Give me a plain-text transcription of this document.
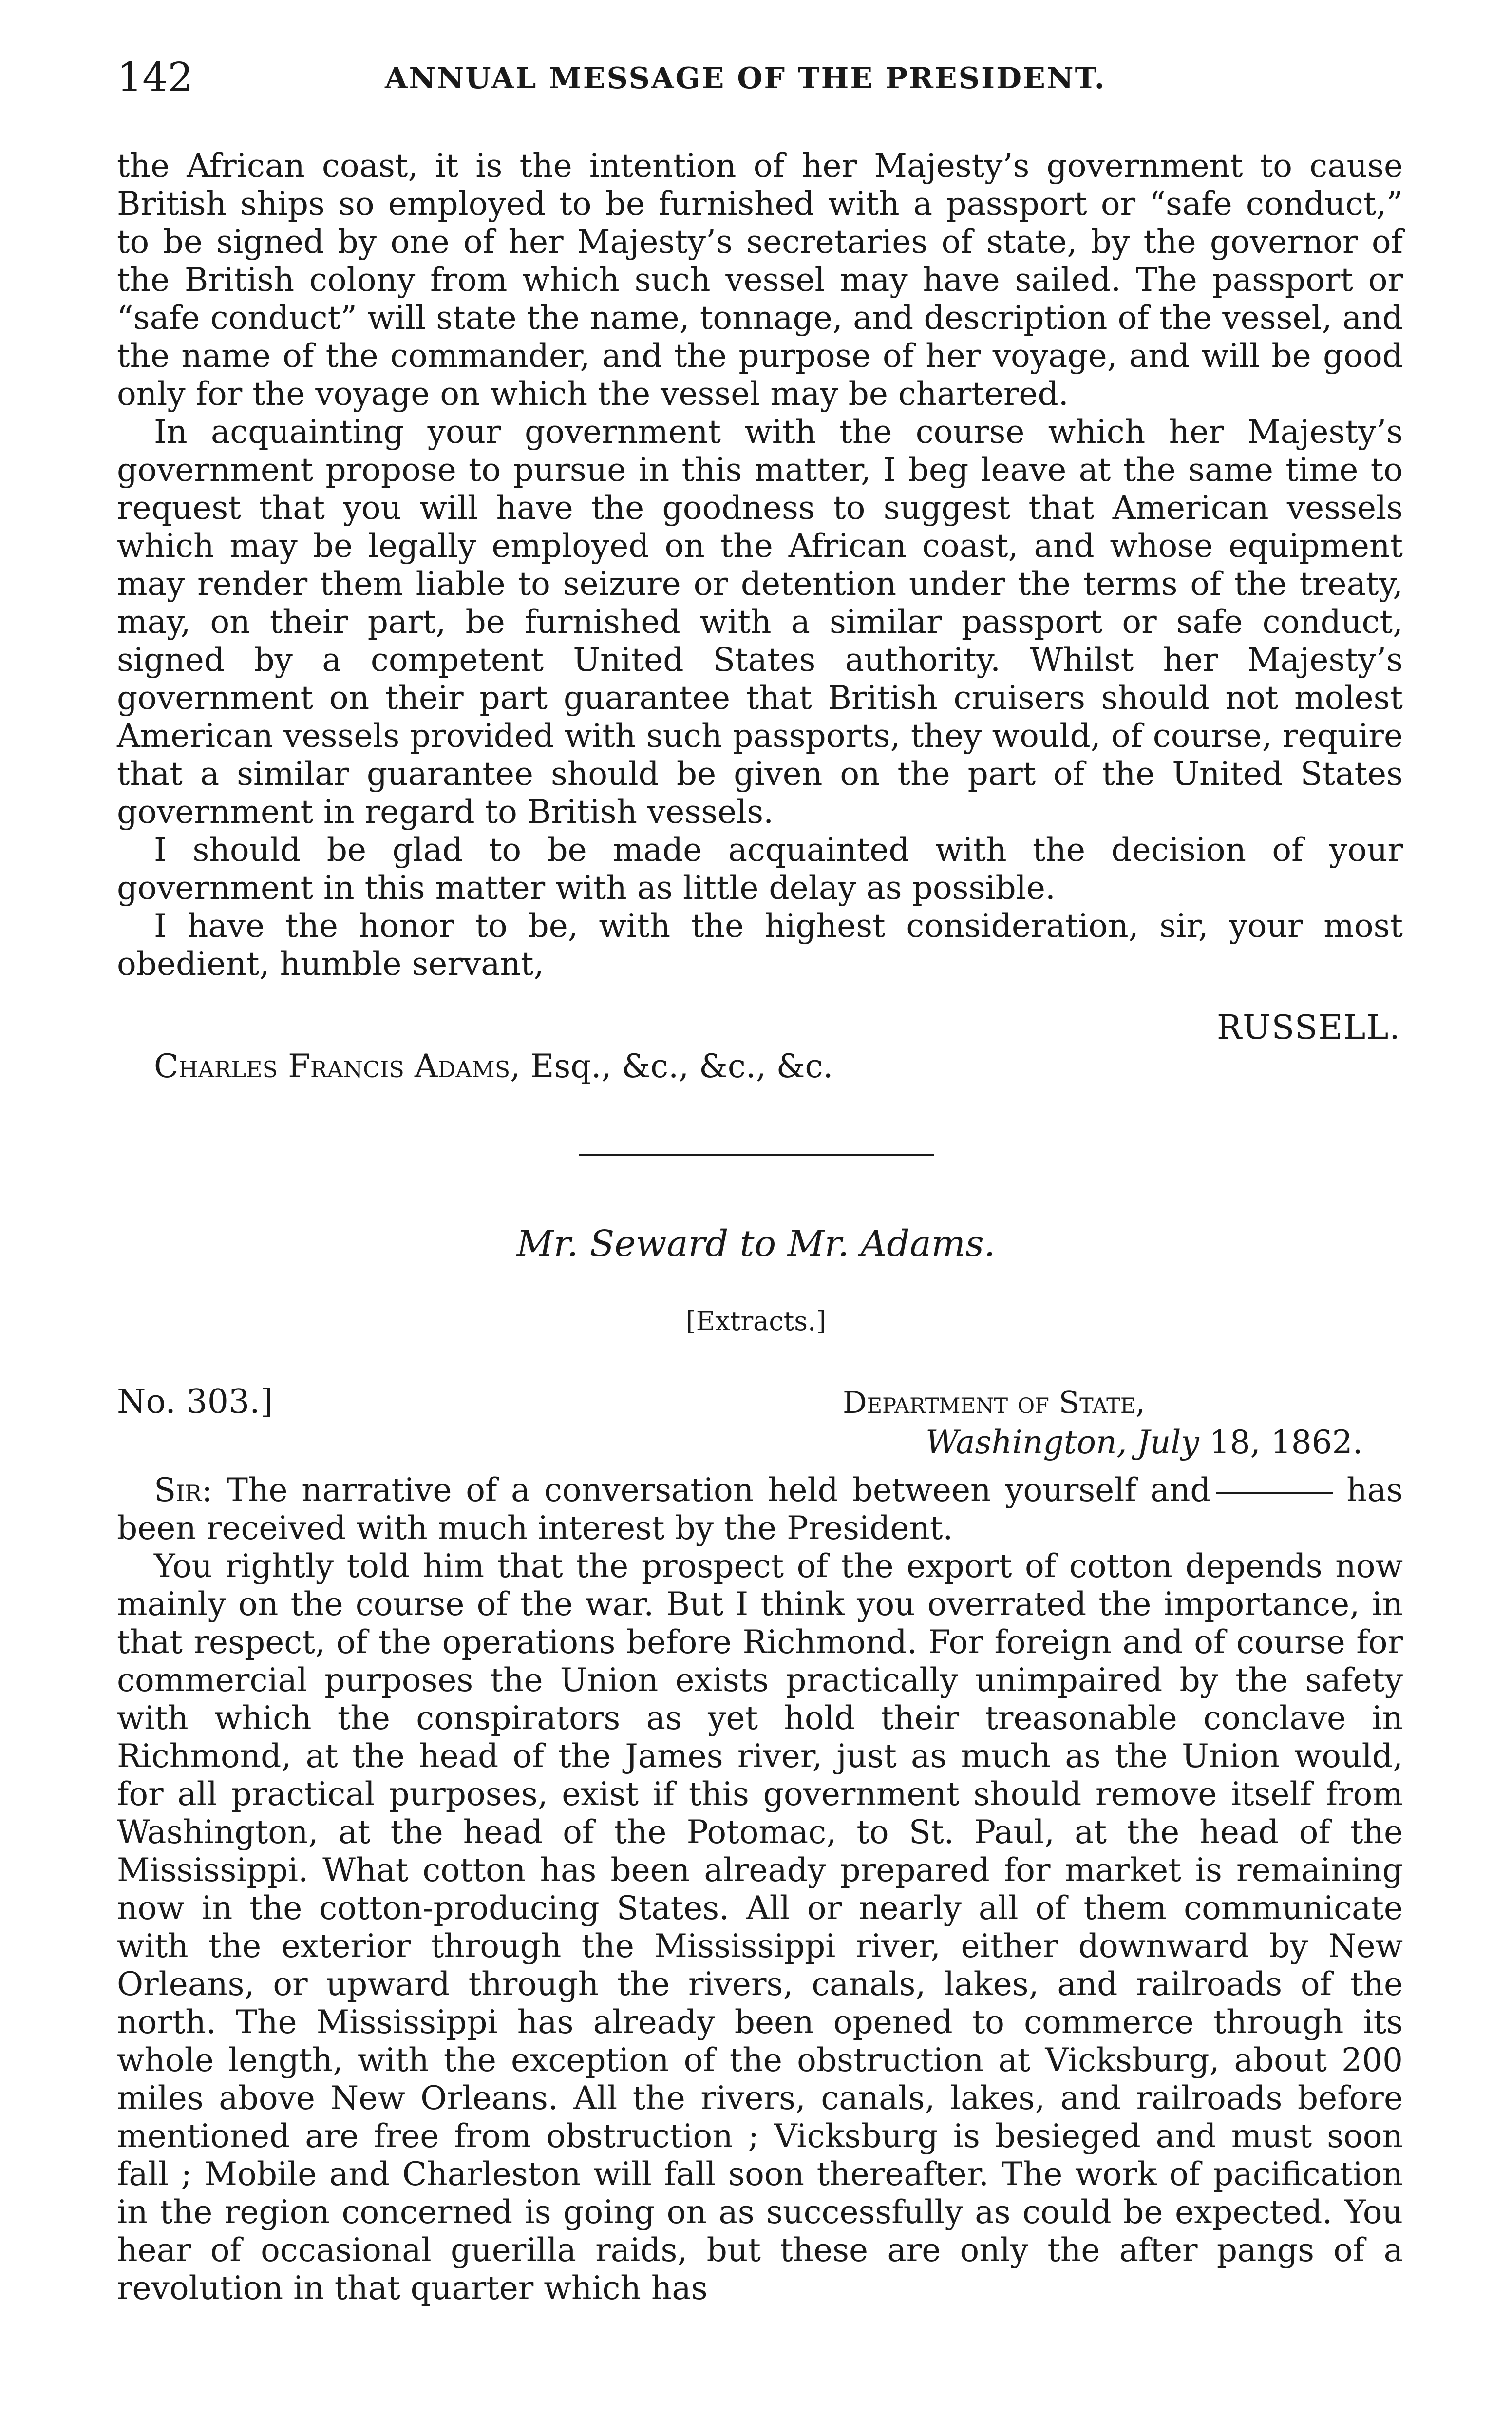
142	ANNUAL MESSAGE OF THE PRESIDENT.

the African coast, it is the intention of her Majesty’s government to cause British ships so employed to be furnished with a passport or “safe conduct,” to be signed by one of her Majesty’s secretaries of state, by the governor of the British colony from which such vessel may have sailed. The passport or “safe conduct” will state the name, tonnage, and description of the vessel, and the name of the commander, and the purpose of her voyage, and will be good only for the voyage on which the vessel may be chartered.

In acquainting your government with the course which her Majesty’s government propose to pursue in this matter, I beg leave at the same time to request that you will have the goodness to suggest that American vessels which may be legally employed on the African coast, and whose equipment may render them liable to seizure or detention under the terms of the treaty, may, on their part, be furnished with a similar passport or safe conduct, signed by a competent United States authority. Whilst her Majesty’s government on their part guarantee that British cruisers should not molest American vessels provided with such passports, they would, of course, require that a similar guarantee should be given on the part of the United States government in regard to British vessels.

I should be glad to be made acquainted with the decision of your government in this matter with as little delay as possible.

I have the honor to be, with the highest consideration, sir, your most obedient, humble servant,

RUSSELL.
Charles Francis Adams, Esq., &c., &c., &c.
Mr. Seward to Mr. Adams.
[Extracts.]
No. 303.]	Department of State,
Washington, July 18, 1862.

Sir: The narrative of a conversation held between yourself and	has been received with much interest by the President.

You rightly told him that the prospect of the export of cotton depends now mainly on the course of the war. But I think you overrated the importance, in that respect, of the operations before Richmond. For foreign and of course for commercial purposes the Union exists practically unimpaired by the safety with which the conspirators as yet hold their treasonable conclave in Richmond, at the head of the James river, just as much as the Union would, for all practical purposes, exist if this government should remove itself from Washington, at the head of the Potomac, to St. Paul, at the head of the Mississippi. What cotton has been already prepared for market is remaining now in the cotton-producing States. All or nearly all of them communicate with the exterior through the Mississippi river, either downward by New Orleans, or upward through the rivers, canals, lakes, and railroads of the north. The Mississippi has already been opened to commerce through its whole length, with the exception of the obstruction at Vicksburg, about 200 miles above New Orleans. All the rivers, canals, lakes, and railroads before mentioned are free from obstruction ; Vicksburg is besieged and must soon fall ; Mobile and Charleston will fall soon thereafter. The work of pacification in the region concerned is going on as successfully as could be expected. You hear of occasional guerilla raids, but these are only the after pangs of a revolution in that quarter which has
